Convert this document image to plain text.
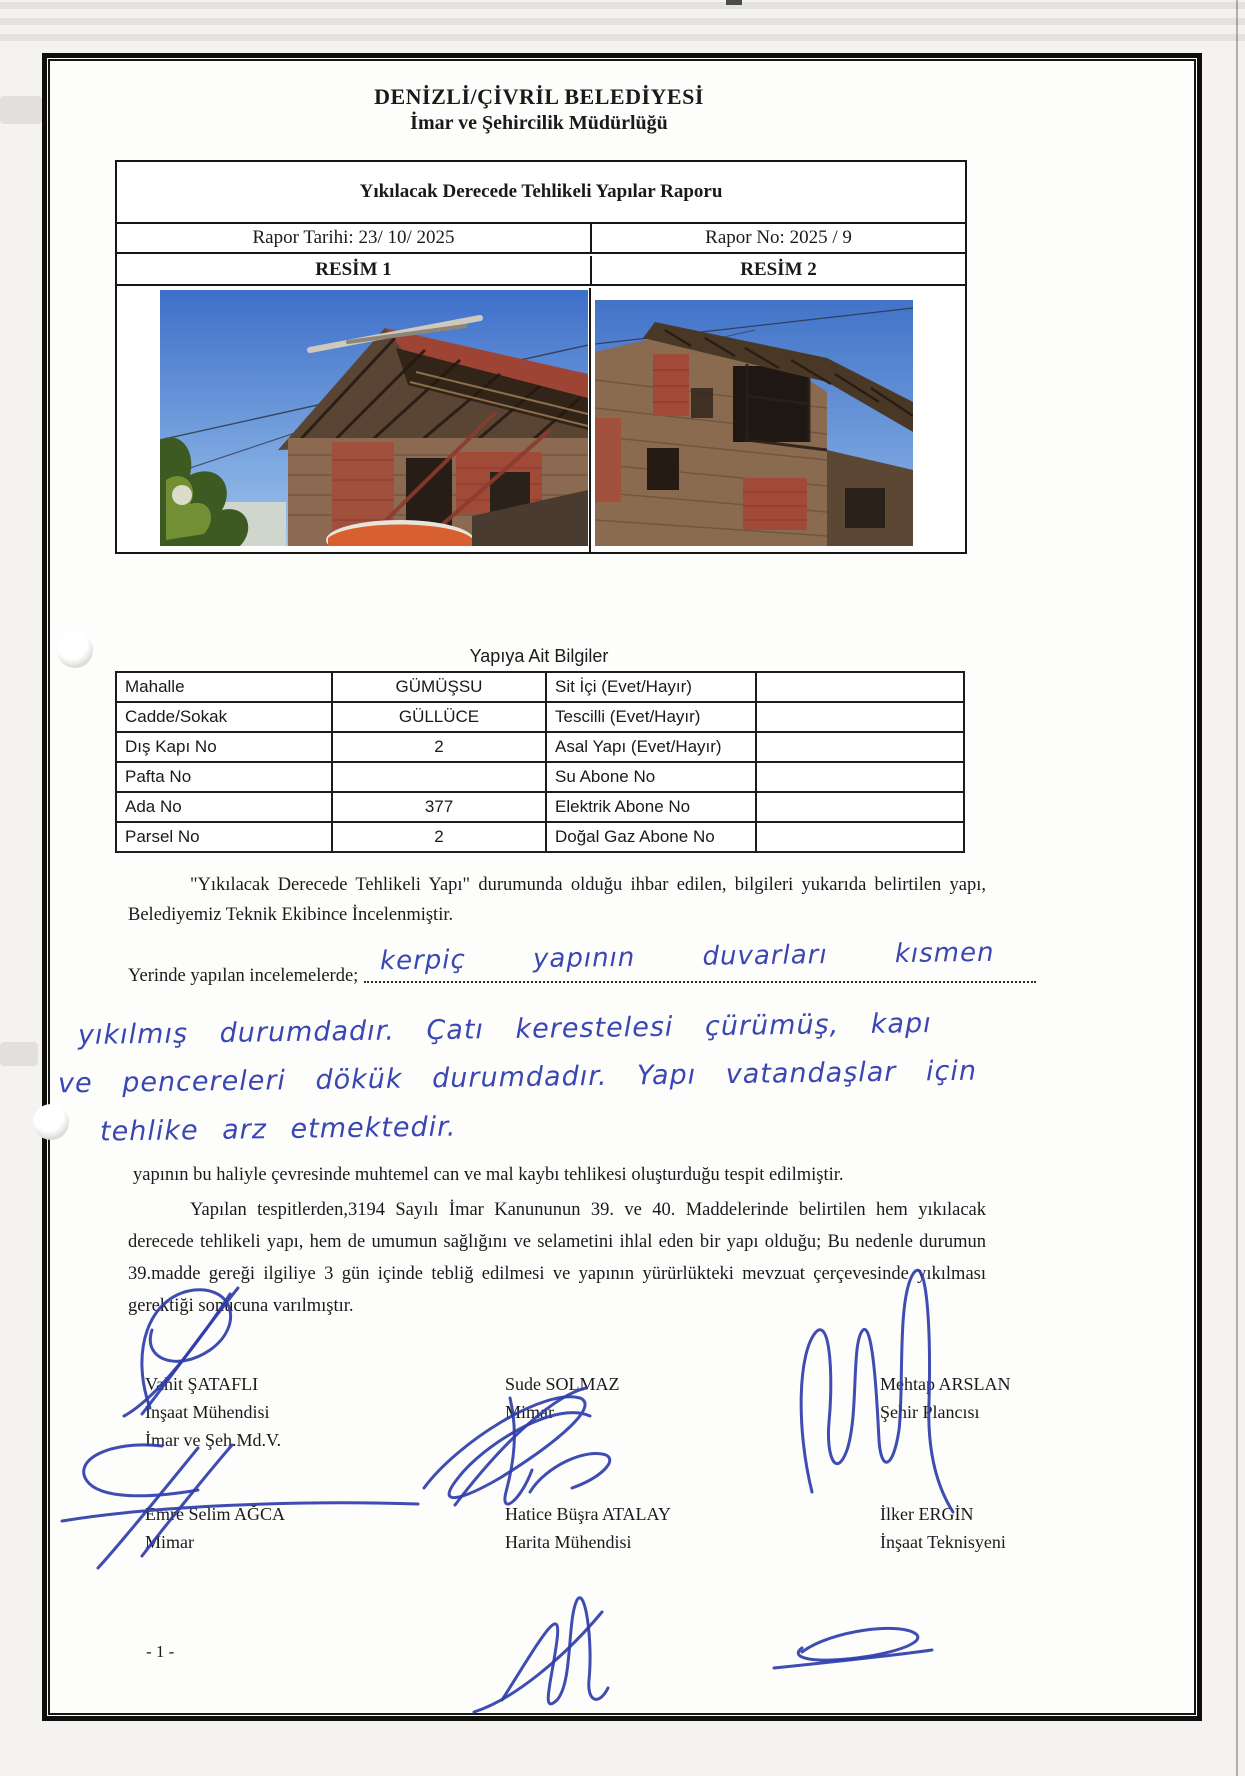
DENİZLİ/ÇİVRİL BELEDİYESİ
İmar ve Şehircilik Müdürlüğü
Yıkılacak Derecede Tehlikeli Yapılar Raporu
Rapor Tarihi: 23/ 10/ 2025	Rapor No: 2025 / 9
RESİM 1	RESİM 2
Yapıya Ait Bilgiler
Mahalle	GÜMÜŞSU	Sit İçi (Evet/Hayır)	
Cadde/Sokak	GÜLLÜCE	Tescilli (Evet/Hayır)	
Dış Kapı No	2	Asal Yapı (Evet/Hayır)	
Pafta No		Su Abone No	
Ada No	377	Elektrik Abone No	
Parsel No	2	Doğal Gaz Abone No	
"Yıkılacak Derecede Tehlikeli Yapı" durumunda olduğu ihbar edilen, bilgileri yukarıda belirtilen yapı, Belediyemiz Teknik Ekibince İncelenmiştir.
Yerinde yapılan incelemelerde; kerpiç yapının duvarları kısmen
yıkılmış durumdadır. Çatı kerestelesi çürümüş, kapı
ve pencereleri dökük durumdadır. Yapı vatandaşlar için
tehlike arz etmektedir.
yapının bu haliyle çevresinde muhtemel can ve mal kaybı tehlikesi oluşturduğu tespit edilmiştir.
Yapılan tespitlerden,3194 Sayılı İmar Kanununun 39. ve 40. Maddelerinde belirtilen hem yıkılacak derecede tehlikeli yapı, hem de umumun sağlığını ve selametini ihlal eden bir yapı olduğu; Bu nedenle durumun 39.madde gereği ilgiliye 3 gün içinde tebliğ edilmesi ve yapının yürürlükteki mevzuat çerçevesinde yıkılması gerektiği sonucuna varılmıştır.
Vahit ŞATAFLI
İnşaat Mühendisi
İmar ve Şeh.Md.V.
Sude SOLMAZ
Mimar
Mehtap ARSLAN
Şehir Plancısı
Emre Selim AĞCA
Mimar
Hatice Büşra ATALAY
Harita Mühendisi
İlker ERGİN
İnşaat Teknisyeni
- 1 -
